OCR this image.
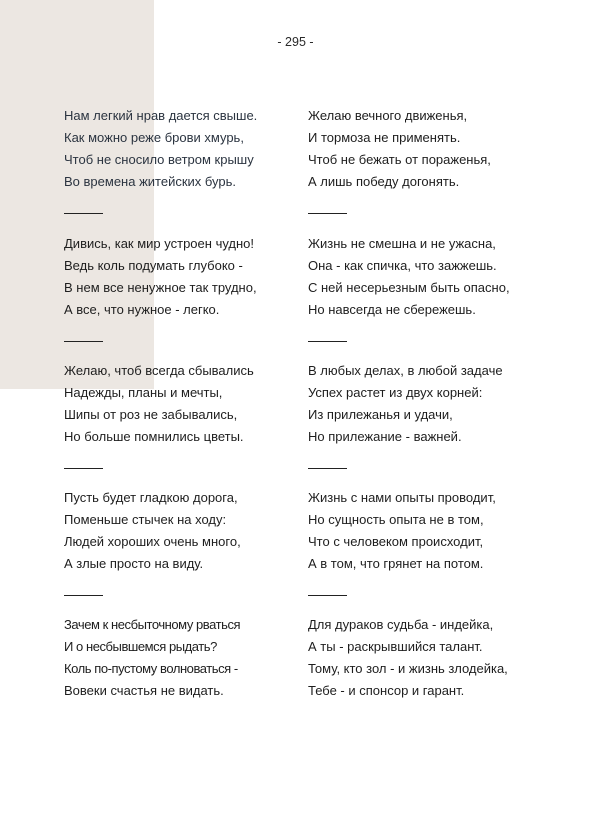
- 295 -
Нам легкий нрав дается свыше.
Как можно реже брови хмурь,
Чтоб не сносило ветром крышу
Во времена житейских бурь.
Дивись, как мир устроен чудно!
Ведь коль подумать глубоко -
В нем все ненужное так трудно,
А все, что нужное - легко.
Желаю, чтоб всегда сбывались
Надежды, планы и мечты,
Шипы от роз не забывались,
Но больше помнились цветы.
Пусть будет гладкою дорога,
Поменьше стычек на ходу:
Людей хороших очень много,
А злые просто на виду.
Зачем к несбыточному рваться
И о несбывшемся рыдать?
Коль по-пустому волноваться -
Вовеки счастья не видать.
Желаю вечного движенья,
И тормоза не применять.
Чтоб не бежать от пораженья,
А лишь победу догонять.
Жизнь не смешна и не ужасна,
Она - как спичка, что зажжешь.
С ней несерьезным быть опасно,
Но навсегда не сбережешь.
В любых делах, в любой задаче
Успех растет из двух корней:
Из прилежанья и удачи,
Но прилежание - важней.
Жизнь с нами опыты проводит,
Но сущность опыта не в том,
Что с человеком происходит,
А в том, что грянет на потом.
Для дураков судьба - индейка,
А ты - раскрывшийся талант.
Тому, кто зол - и жизнь злодейка,
Тебе - и спонсор и гарант.
